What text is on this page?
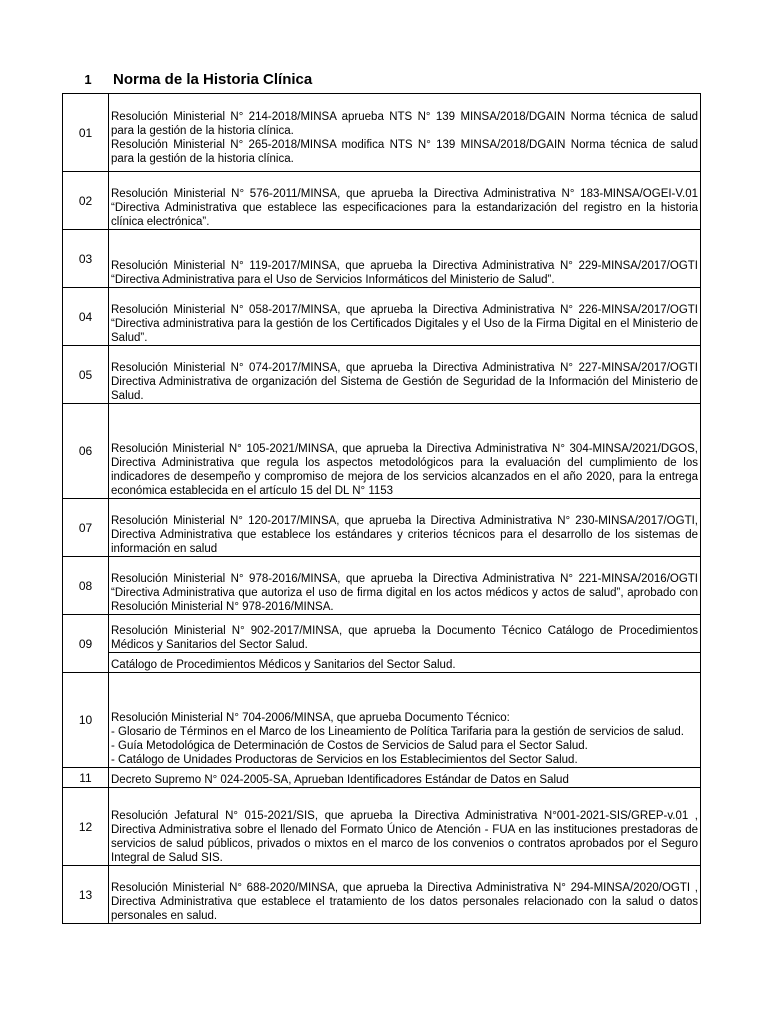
1	Norma de la Historia Clínica
01	Resolución Ministerial N° 214-2018/MINSA aprueba NTS N° 139 MINSA/2018/DGAIN Norma técnica de salud para la gestión de la historia clínica.
Resolución Ministerial N° 265-2018/MINSA modifica NTS N° 139 MINSA/2018/DGAIN Norma técnica de salud para la gestión de la historia clínica.

02	Resolución Ministerial N° 576-2011/MINSA, que aprueba la Directiva Administrativa N° 183-MINSA/OGEI-V.01 “Directiva Administrativa que establece las especificaciones para la estandarización del registro en la historia clínica electrónica”.
03	Resolución Ministerial N° 119-2017/MINSA, que aprueba la Directiva Administrativa N° 229-MINSA/2017/OGTI “Directiva Administrativa para el Uso de Servicios Informáticos del Ministerio de Salud”.
04	Resolución Ministerial N° 058-2017/MINSA, que aprueba la Directiva Administrativa N° 226-MINSA/2017/OGTI “Directiva administrativa para la gestión de los Certificados Digitales y el Uso de la Firma Digital en el Ministerio de Salud”.
05	Resolución Ministerial N° 074-2017/MINSA, que aprueba la Directiva Administrativa N° 227-MINSA/2017/OGTI Directiva Administrativa de organización del Sistema de Gestión de Seguridad de la Información del Ministerio de Salud.
06	Resolución Ministerial N° 105-2021/MINSA, que aprueba la Directiva Administrativa N° 304-MINSA/2021/DGOS, Directiva Administrativa que regula los aspectos metodológicos para la evaluación del cumplimiento de los indicadores de desempeño y compromiso de mejora de los servicios alcanzados en el año 2020, para la entrega económica establecida en el artículo 15 del DL N° 1153
07	Resolución Ministerial N° 120-2017/MINSA, que aprueba la Directiva Administrativa N° 230-MINSA/2017/OGTI, Directiva Administrativa que establece los estándares y criterios técnicos para el desarrollo de los sistemas de información en salud
08	Resolución Ministerial N° 978-2016/MINSA, que aprueba la Directiva Administrativa N° 221-MINSA/2016/OGTI “Directiva Administrativa que autoriza el uso de firma digital en los actos médicos y actos de salud”, aprobado con Resolución Ministerial N° 978-2016/MINSA.
09	Resolución Ministerial N° 902-2017/MINSA, que aprueba la Documento Técnico Catálogo de Procedimientos Médicos y Sanitarios del Sector Salud.
	Catálogo de Procedimientos Médicos y Sanitarios del Sector Salud.
10	Resolución Ministerial N° 704-2006/MINSA, que aprueba Documento Técnico:
- Glosario de Términos en el Marco de los Lineamiento de Política Tarifaria para la gestión de servicios de salud.
- Guía Metodológica de Determinación de Costos de Servicios de Salud para el Sector Salud.
- Catálogo de Unidades Productoras de Servicios en los Establecimientos del Sector Salud.

11	Decreto Supremo N° 024-2005-SA, Aprueban Identificadores Estándar de Datos en Salud
12	Resolución Jefatural N° 015-2021/SIS, que aprueba la Directiva Administrativa N°001-2021-SIS/GREP-v.01 , Directiva Administrativa sobre el llenado del Formato Único de Atención - FUA en las instituciones prestadoras de servicios de salud públicos, privados o mixtos en el marco de los convenios o contratos aprobados por el Seguro Integral de Salud SIS.
13	Resolución Ministerial N° 688-2020/MINSA, que aprueba la Directiva Administrativa N° 294-MINSA/2020/OGTI , Directiva Administrativa que establece el tratamiento de los datos personales relacionado con la salud o datos personales en salud.
